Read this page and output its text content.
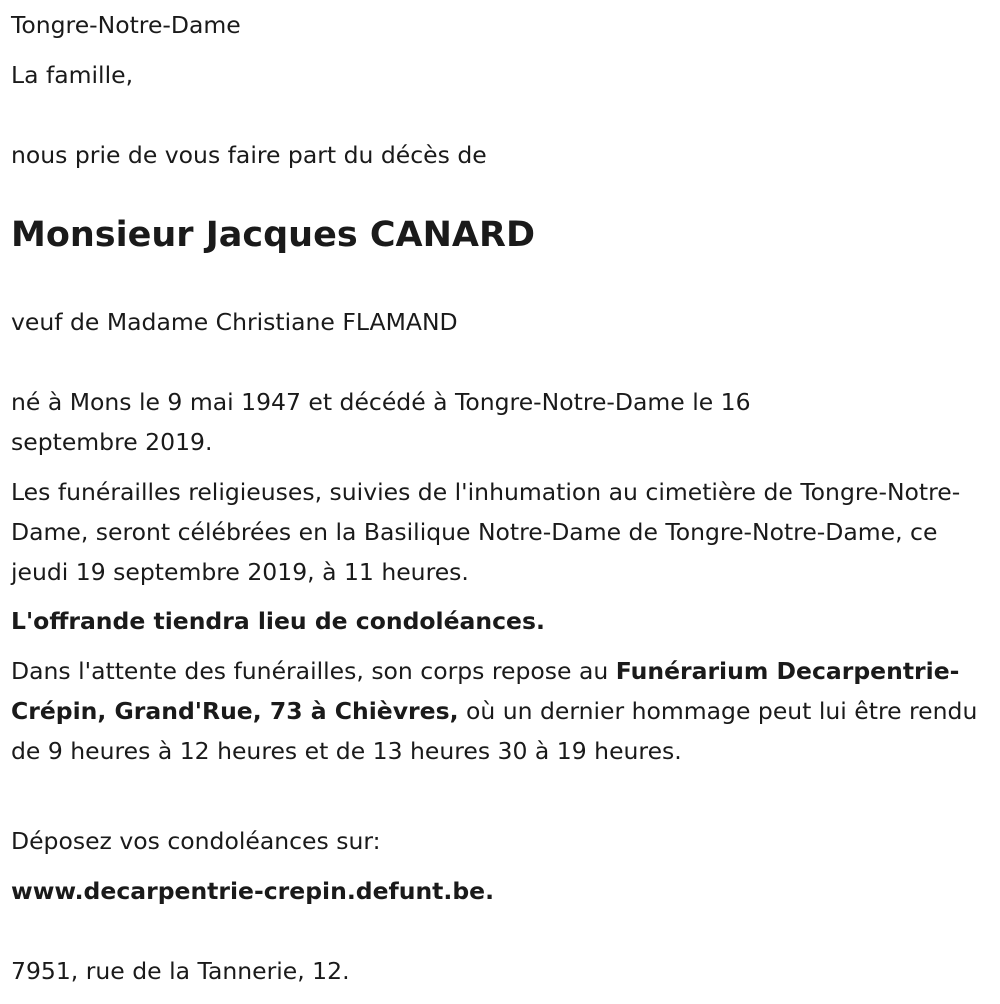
Tongre-Notre-Dame

La famille,

nous prie de vous faire part du décès de

Monsieur Jacques CANARD

veuf de Madame Christiane FLAMAND

né à Mons le 9 mai 1947 et décédé à Tongre-Notre-Dame le 16 septembre 2019.

Les funérailles religieuses, suivies de l'inhumation au cimetière de Tongre-Notre-Dame, seront célébrées en la Basilique Notre-Dame de Tongre-Notre-Dame, ce jeudi 19 septembre 2019, à 11 heures.

L'offrande tiendra lieu de condoléances.

Dans l'attente des funérailles, son corps repose au Funérarium Decarpentrie-Crépin, Grand'Rue, 73 à Chièvres, où un dernier hommage peut lui être rendu de 9 heures à 12 heures et de 13 heures 30 à 19 heures.

Déposez vos condoléances sur:

www.decarpentrie-crepin.defunt.be.

7951, rue de la Tannerie, 12.
